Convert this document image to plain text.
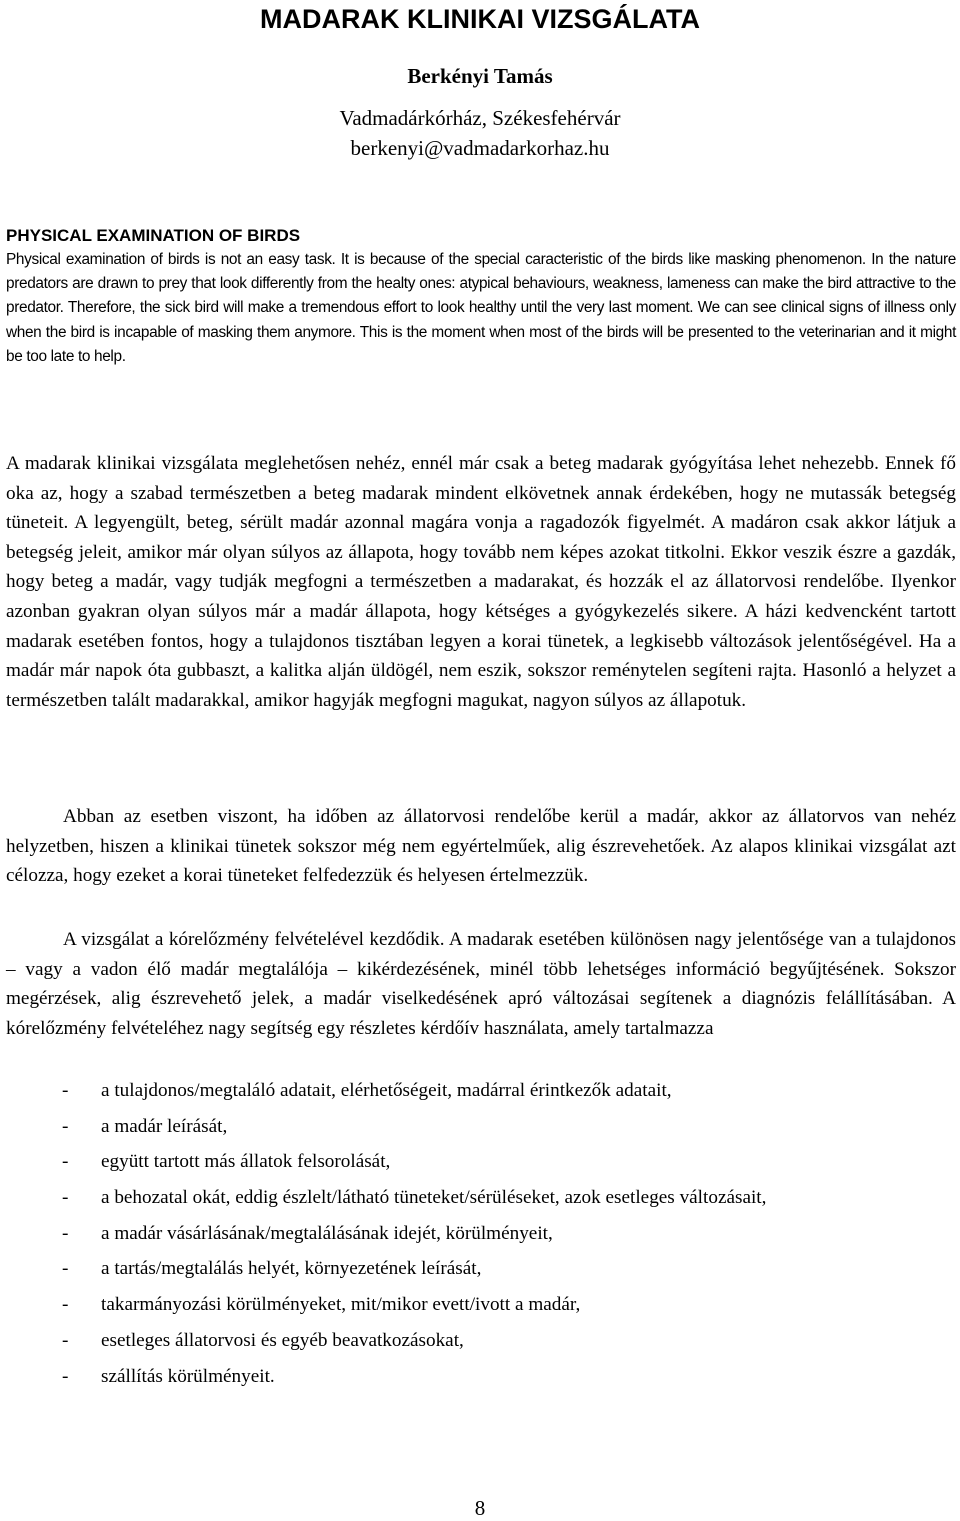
MADARAK KLINIKAI VIZSGÁLATA
Berkényi Tamás
Vadmadárkórház, Székesfehérvár
berkenyi@vadmadarkorhaz.hu
PHYSICAL EXAMINATION OF BIRDS
Physical examination of birds is not an easy task. It is because of the special caracteristic of the birds like masking phenomenon. In the nature predators are drawn to prey that look differently from the healty ones: atypical behaviours, weakness, lameness can make the bird attractive to the predator. Therefore, the sick bird will make a tremendous effort to look healthy until the very last moment. We can see clinical signs of illness only when the bird is incapable of masking them anymore. This is the moment when most of the birds will be presented to the veterinarian and it might be too late to help.
A madarak klinikai vizsgálata meglehetősen nehéz, ennél már csak a beteg madarak gyógyítása lehet nehezebb. Ennek fő oka az, hogy a szabad természetben a beteg madarak mindent elkövetnek annak érdekében, hogy ne mutassák betegség tüneteit. A legyengült, beteg, sérült madár azonnal magára vonja a ragadozók figyelmét. A madáron csak akkor látjuk a betegség jeleit, amikor már olyan súlyos az állapota, hogy tovább nem képes azokat titkolni. Ekkor veszik észre a gazdák, hogy beteg a madár, vagy tudják megfogni a természetben a madarakat, és hozzák el az állatorvosi rendelőbe. Ilyenkor azonban gyakran olyan súlyos már a madár állapota, hogy kétséges a gyógykezelés sikere. A házi kedvencként tartott madarak esetében fontos, hogy a tulajdonos tisztában legyen a korai tünetek, a legkisebb változások jelentőségével. Ha a madár már napok óta gubbaszt, a kalitka alján üldögél, nem eszik, sokszor reménytelen segíteni rajta. Hasonló a helyzet a természetben talált madarakkal, amikor hagyják megfogni magukat, nagyon súlyos az állapotuk.
Abban az esetben viszont, ha időben az állatorvosi rendelőbe kerül a madár, akkor az állatorvos van nehéz helyzetben, hiszen a klinikai tünetek sokszor még nem egyértelműek, alig észrevehetőek. Az alapos klinikai vizsgálat azt célozza, hogy ezeket a korai tüneteket felfedezzük és helyesen értelmezzük.
A vizsgálat a kórelőzmény felvételével kezdődik. A madarak esetében különösen nagy jelentősége van a tulajdonos – vagy a vadon élő madár megtalálója – kikérdezésének, minél több lehetséges információ begyűjtésének. Sokszor megérzések, alig észrevehető jelek, a madár viselkedésének apró változásai segítenek a diagnózis felállításában. A kórelőzmény felvételéhez nagy segítség egy részletes kérdőív használata, amely tartalmazza
- a tulajdonos/megtaláló adatait, elérhetőségeit, madárral érintkezők adatait,
- a madár leírását,
- együtt tartott más állatok felsorolását,
- a behozatal okát, eddig észlelt/látható tüneteket/sérüléseket, azok esetleges változásait,
- a madár vásárlásának/megtalálásának idejét, körülményeit,
- a tartás/megtalálás helyét, környezetének leírását,
- takarmányozási körülményeket, mit/mikor evett/ivott a madár,
- esetleges állatorvosi és egyéb beavatkozásokat,
- szállítás körülményeit.
8
